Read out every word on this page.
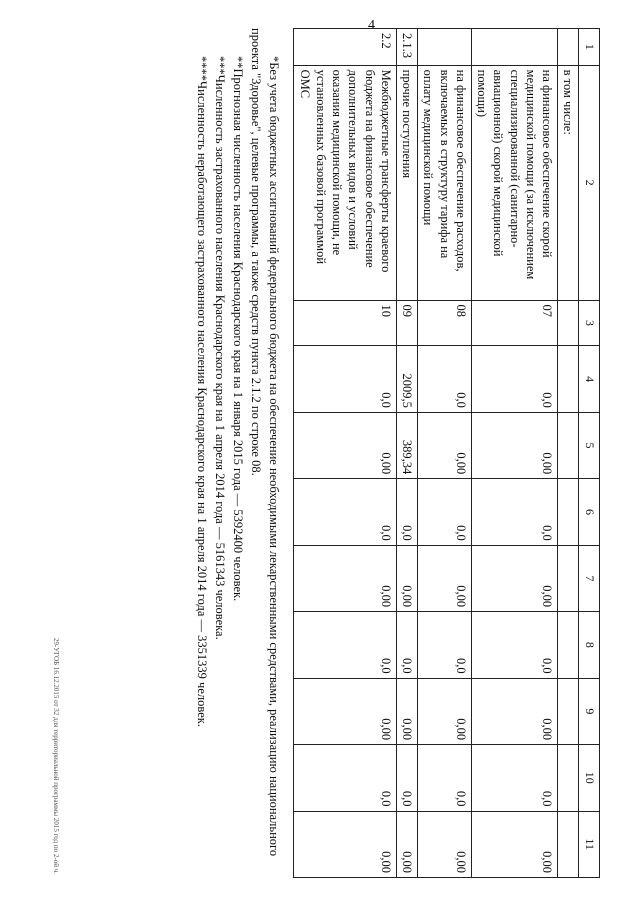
4
1	2	3	4	5	6	7	8	9	10	11
	в том числе:									
	на финансовое обеспечение скорой медицинской помощи (за исключением специализированной (санитарно-авиационной) скорой медицинской помощи)	07	0,0	0,00	0,0	0,00	0,0	0,00	0,0	0,00
	на финансовое обеспечение расходов, включаемых в структуру тарифа на оплату медицинской помощи	08	0,0	0,00	0,0	0,00	0,0	0,00	0,0	0,00
2.1.3	прочие поступления	09	2009,5	389,34	0,0	0,00	0,0	0,00	0,0	0,00
2.2	Межбюджетные трансферты краевого бюджета на финансовое обеспечение дополнительных видов и условий оказания медицинской помощи, не установленных базовой программой ОМС	10	0,0	0,00	0,0	0,00	0,0	0,00	0,0	0,00

*Без учета бюджетных ассигнований федерального бюджета на обеспечение необходимыми лекарственными средствами, реализацию национального проекта "Здоровье", целевые программы, а также средств пункта 2.1.2 по строке 08.

**Прогнозная численность населения Краснодарского края на 1 января 2015 года — 5392400 человек.

***Численность застрахованного населения Краснодарского края на 1 апреля 2014 года — 5161343 человека.

****Численность неработающего застрахованного населения Краснодарского края на 1 апреля 2014 года — 3351339 человек.

29-УГОБ 16.12.2015 от 32 для территориальной программы 2015 год по 2-ой ч.
